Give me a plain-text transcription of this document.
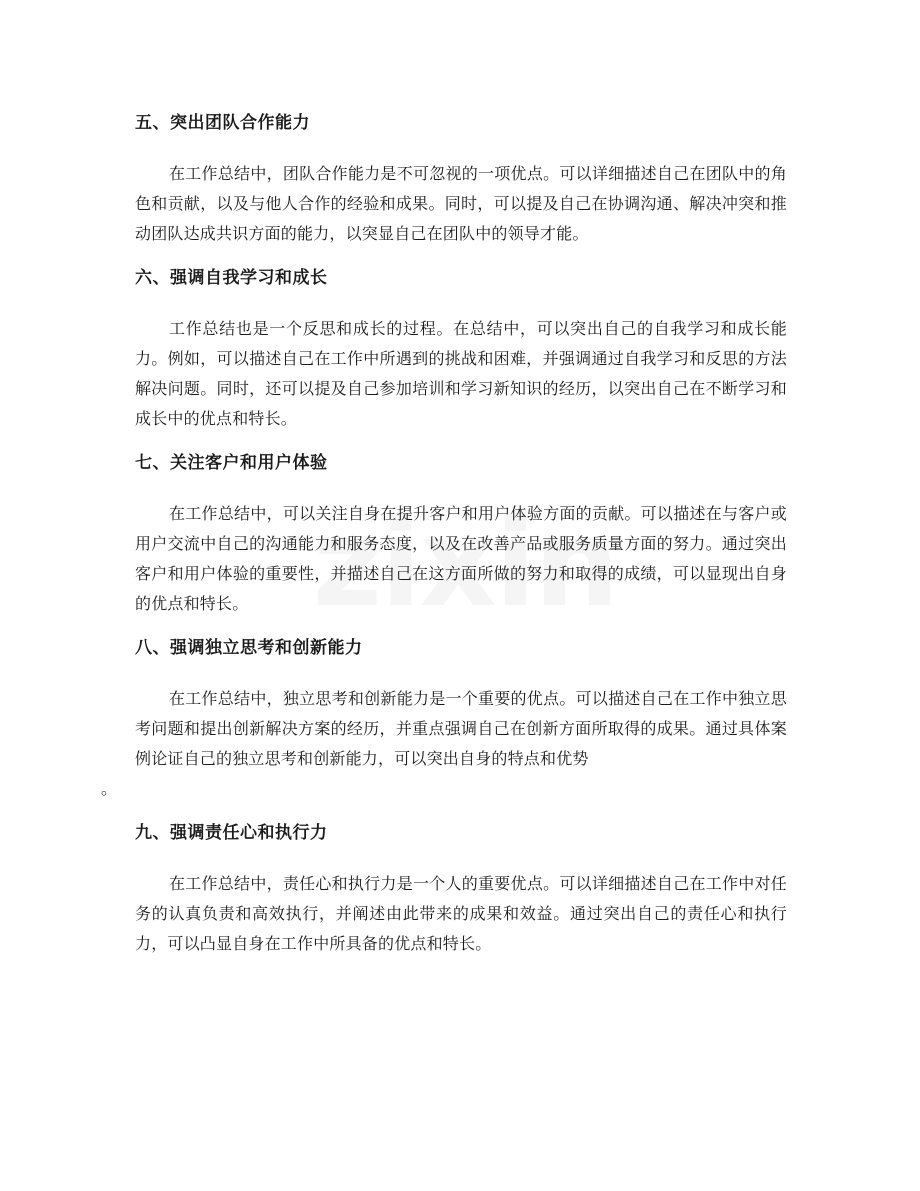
五、突出团队合作能力

在工作总结中，团队合作能力是不可忽视的一项优点。可以详细描述自己在团队中的角色和贡献，以及与他人合作的经验和成果。同时，可以提及自己在协调沟通、解决冲突和推动团队达成共识方面的能力，以突显自己在团队中的领导才能。

六、强调自我学习和成长

工作总结也是一个反思和成长的过程。在总结中，可以突出自己的自我学习和成长能力。例如，可以描述自己在工作中所遇到的挑战和困难，并强调通过自我学习和反思的方法解决问题。同时，还可以提及自己参加培训和学习新知识的经历，以突出自己在不断学习和成长中的优点和特长。

七、关注客户和用户体验

在工作总结中，可以关注自身在提升客户和用户体验方面的贡献。可以描述在与客户或用户交流中自己的沟通能力和服务态度，以及在改善产品或服务质量方面的努力。通过突出客户和用户体验的重要性，并描述自己在这方面所做的努力和取得的成绩，可以显现出自身的优点和特长。

八、强调独立思考和创新能力

在工作总结中，独立思考和创新能力是一个重要的优点。可以描述自己在工作中独立思考问题和提出创新解决方案的经历，并重点强调自己在创新方面所取得的成果。通过具体案例论证自己的独立思考和创新能力，可以突出自身的特点和优势
。

九、强调责任心和执行力

在工作总结中，责任心和执行力是一个人的重要优点。可以详细描述自己在工作中对任务的认真负责和高效执行，并阐述由此带来的成果和效益。通过突出自己的责任心和执行力，可以凸显自身在工作中所具备的优点和特长。
